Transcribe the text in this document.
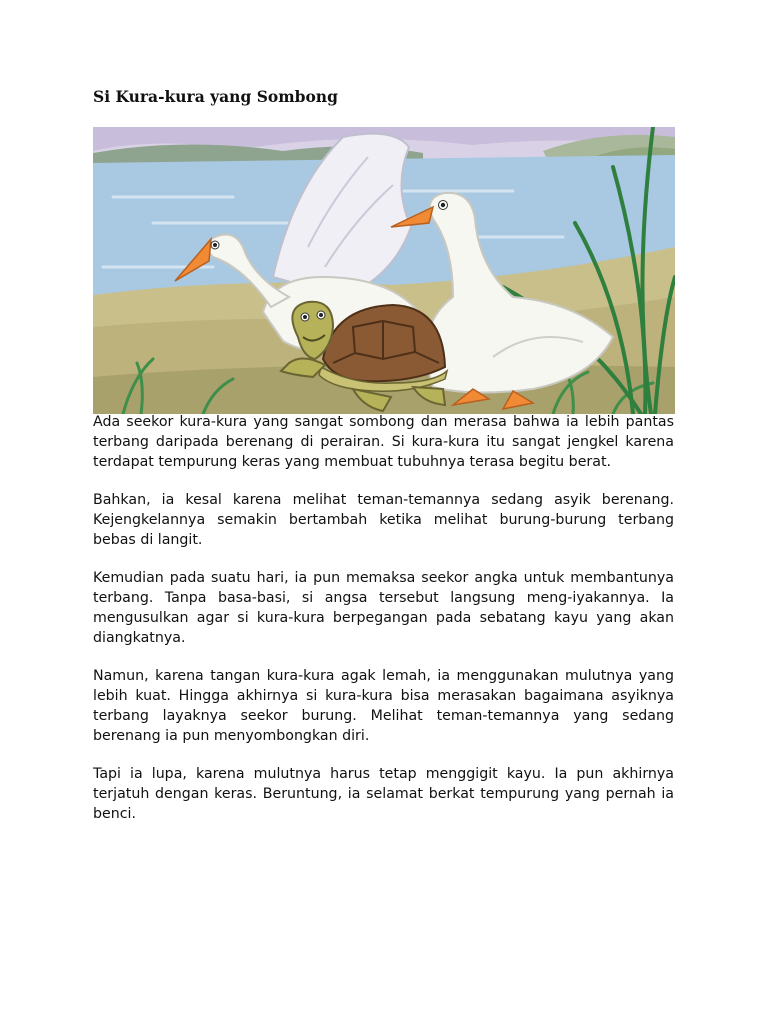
Si Kura-kura yang Sombong

Ada seekor kura-kura yang sangat sombong dan merasa bahwa ia lebih pantas terbang daripada berenang di perairan. Si kura-kura itu sangat jengkel karena terdapat tempurung keras yang membuat tubuhnya terasa begitu berat.

Bahkan, ia kesal karena melihat teman-temannya sedang asyik berenang. Kejengkelannya semakin bertambah ketika melihat burung-burung terbang bebas di langit.

Kemudian pada suatu hari, ia pun memaksa seekor angka untuk membantunya terbang. Tanpa basa-basi, si angsa tersebut langsung meng-iyakannya. Ia mengusulkan agar si kura-kura berpegangan pada sebatang kayu yang akan diangkatnya.

Namun, karena tangan kura-kura agak lemah, ia menggunakan mulutnya yang lebih kuat. Hingga akhirnya si kura-kura bisa merasakan bagaimana asyiknya terbang layaknya seekor burung. Melihat teman-temannya yang sedang berenang ia pun menyombongkan diri.

Tapi ia lupa, karena mulutnya harus tetap menggigit kayu. Ia pun akhirnya terjatuh dengan keras. Beruntung, ia selamat berkat tempurung yang pernah ia benci.
